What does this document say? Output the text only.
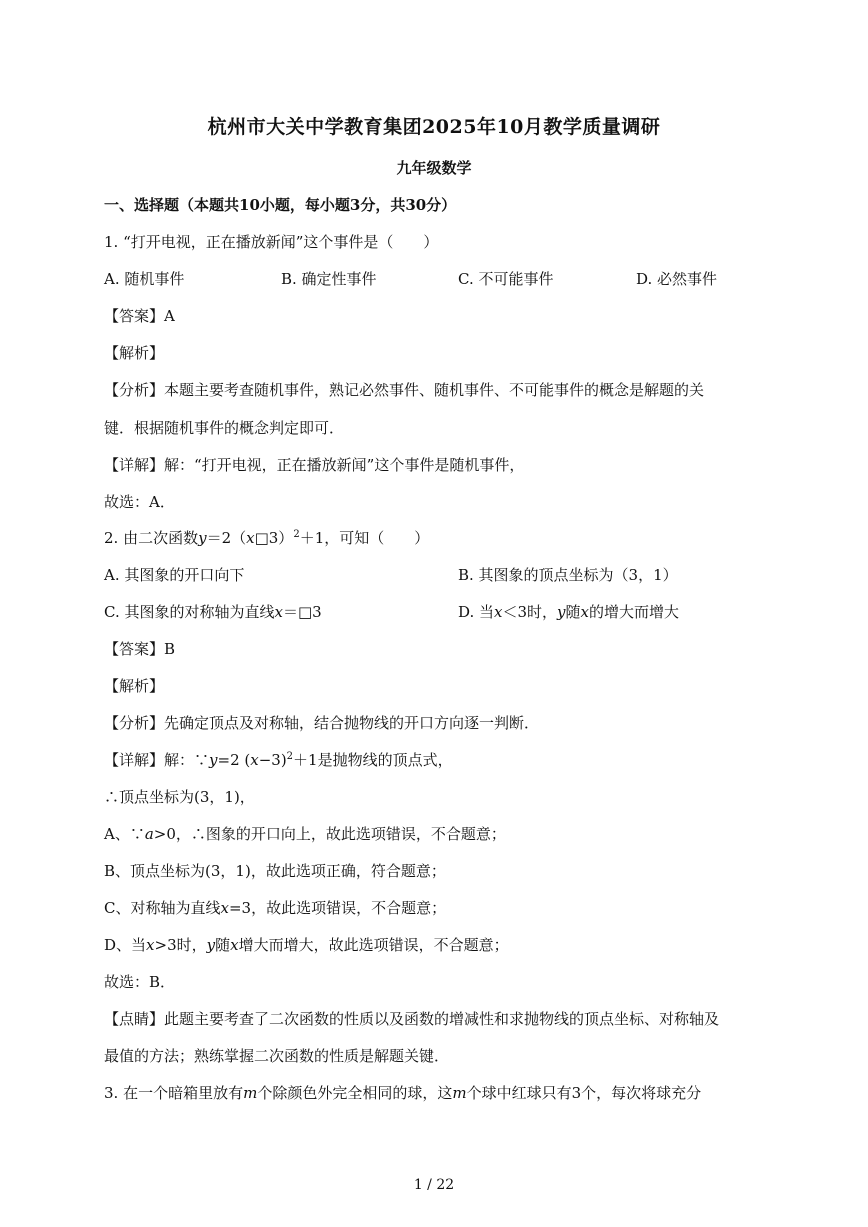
杭州市大关中学教育集团2025年10月教学质量调研
九年级数学
一、选择题（本题共10小题，每小题3分，共30分）
1. “打开电视，正在播放新闻”这个事件是（　　）
A. 随机事件	B. 确定性事件	C. 不可能事件	D. 必然事件
【答案】A
【解析】
【分析】本题主要考查随机事件，熟记必然事件、随机事件、不可能事件的概念是解题的关
键．根据随机事件的概念判定即可．
【详解】解：“打开电视，正在播放新闻”这个事件是随机事件，
故选：A．
2. 由二次函数y＝2（x□3）$^2$＋1，可知（　　）
A. 其图象的开口向下	B. 其图象的顶点坐标为（3，1）
C. 其图象的对称轴为直线x＝□3	D. 当x＜3时，y随x的增大而增大
【答案】B
【解析】
【分析】先确定顶点及对称轴，结合抛物线的开口方向逐一判断．
【详解】解：∵y=2 $(x-3)^2+1$是抛物线的顶点式，
∴顶点坐标为(3，1)，
A、∵a>0，∴图象的开口向上，故此选项错误，不合题意；
B、顶点坐标为(3，1)，故此选项正确，符合题意；
C、对称轴为直线x=3，故此选项错误，不合题意；
D、当x>3时，y随x增大而增大，故此选项错误，不合题意；
故选：B．
【点睛】此题主要考查了二次函数的性质以及函数的增减性和求抛物线的顶点坐标、对称轴及
最值的方法；熟练掌握二次函数的性质是解题关键．
3. 在一个暗箱里放有m个除颜色外完全相同的球，这m个球中红球只有3个，每次将球充分
1 / 22
